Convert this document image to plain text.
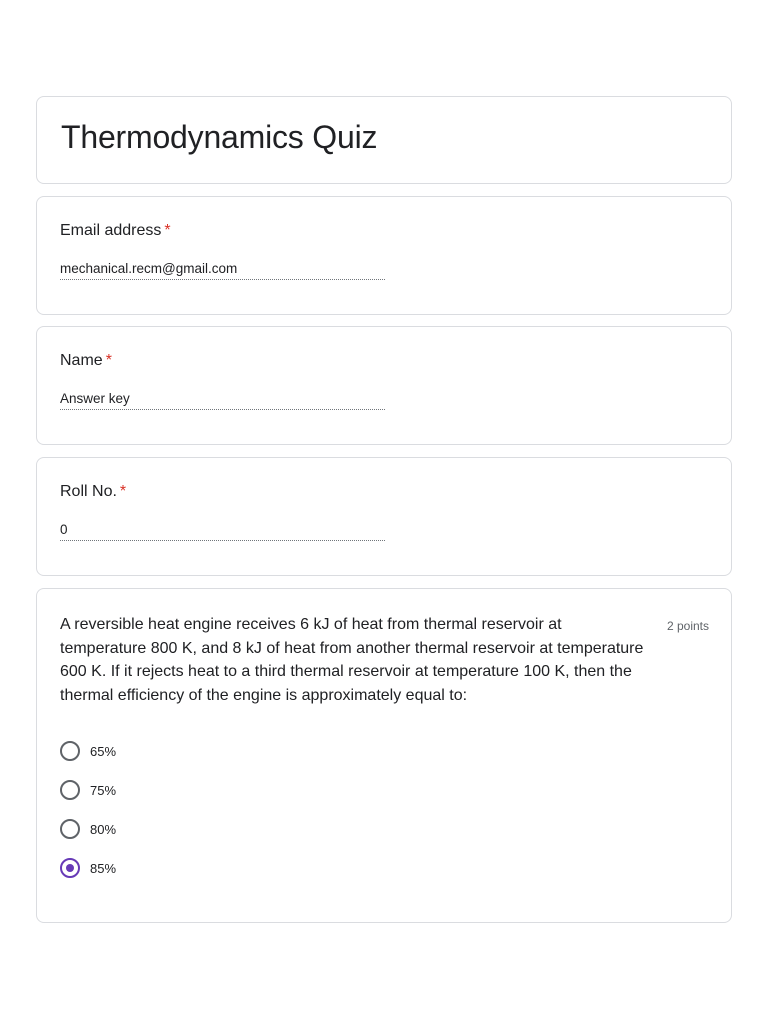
Thermodynamics Quiz
Email address *
mechanical.recm@gmail.com
Name *
Answer key
Roll No. *
0
A reversible heat engine receives 6 kJ of heat from thermal reservoir at temperature 800 K, and 8 kJ of heat from another thermal reservoir at temperature 600 K. If it rejects heat to a third thermal reservoir at temperature 100 K, then the thermal efficiency of the engine is approximately equal to:
2 points
65%
75%
80%
85%
